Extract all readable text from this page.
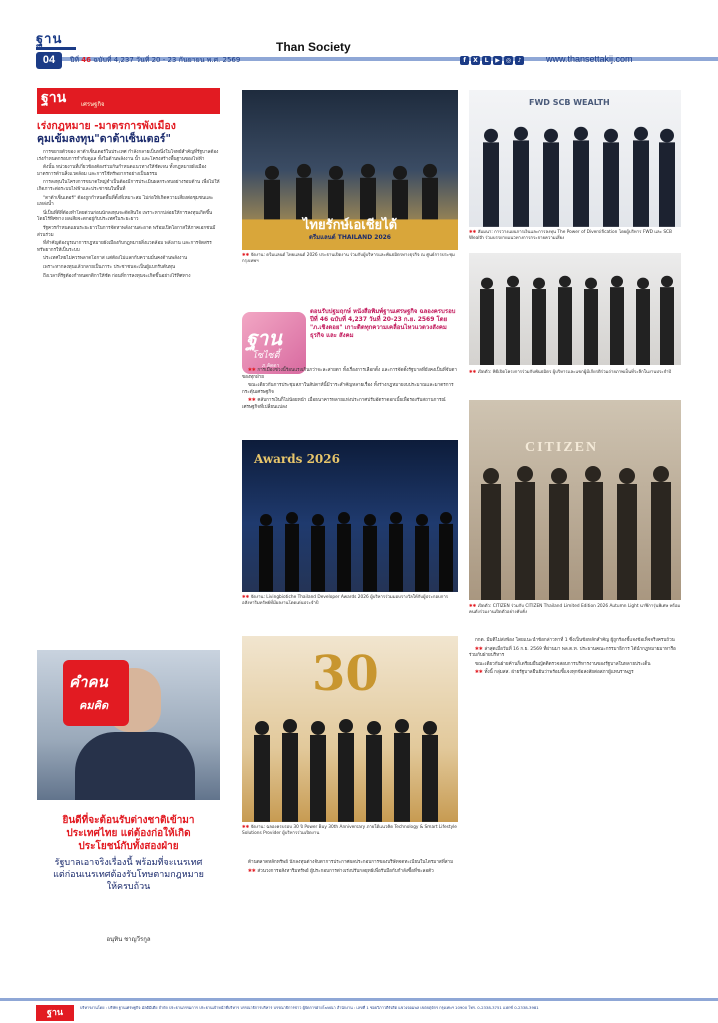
ฐาน	Than Society
04	ปีที่ 46 ฉบับที่ 4,237 วันที่ 20 - 23 กันยายน พ.ศ. 2569	f	X	L	▶	◎	♪	www.thansettakij.com
ฐาน	เศรษฐกิจ
เร่งกฎหมาย -มาตรการพังเมือง
คุมเข้มลงทุน"ดาต้าเซ็นเตอร์"

การขยายตัวของ ดาต้าเซ็นเตอร์ในประเทศ กำลังกลายเป็นหนึ่งในโจทย์สำคัญที่รัฐบาลต้องเร่งกำหนดกรอบการกำกับดูแล ทั้งในด้านพลังงาน น้ำ และโครงสร้างพื้นฐานของไฟฟ้า

ดังนั้น หน่วยงานที่เกี่ยวข้องต้องร่วมกันกำหนดแนวทางให้ชัดเจน ทั้งกฎหมายผังเมือง มาตรการด้านสิ่งแวดล้อม และการใช้ทรัพยากรอย่างเป็นธรรม

การลงทุนในโครงการขนาดใหญ่จำเป็นต้องมีการประเมินผลกระทบอย่างรอบด้าน เพื่อไม่ให้เกิดภาระต่อระบบไฟฟ้าและประชาชนในพื้นที่

"ดาต้าเซ็นเตอร์" ต้องถูกกำหนดพื้นที่ตั้งที่เหมาะสม ไม่ก่อให้เกิดความเสี่ยงต่อชุมชนและแหล่งน้ำ

นี่เป็นที่ดีที่ต้องทำโดยด่วนก่อนนักลงทุนจะตัดสินใจ เพราะหากปล่อยให้การลงทุนเกิดขึ้นโดยไร้ทิศทาง ผลเสียจะตกอยู่กับประเทศในระยะยาว

รัฐควรกำหนดแผนระยะยาวในการจัดหาพลังงานสะอาด พร้อมเปิดโอกาสให้ภาคเอกชนมีส่วนร่วม

ที่สำคัญต้องบูรณาการกฎหมายผังเมืองกับกฎหมายสิ่งแวดล้อม พลังงาน และการจัดสรรทรัพยากรให้เป็นระบบ

ประเทศไทยไม่ควรพลาดโอกาส แต่ต้องไม่แลกกับความมั่นคงด้านพลังงาน

เพราะหากลงทุนแล้วกลายเป็นภาระ ประชาชนจะเป็นผู้แบกรับต้นทุน

ถึงเวลาที่รัฐต้องกำหนดกติกาให้ชัด ก่อนที่การลงทุนจะเกิดขึ้นอย่างไร้ทิศทาง

คำคน
คมคิด
ยินดีที่จะต้อนรับต่างชาติเข้ามาประเทศไทย แต่ต้องก่อให้เกิดประโยชน์กับทั้งสองฝ่าย
รัฐบาลเอาจริงเรื่องนี้ พร้อมที่จะเนรเทศ แต่ก่อนเนรเทศต้องรับโทษตามกฎหมายให้ครบถ้วน
อนุทิน ชาญวีรกูล
ไทยรักษ์เอเชียไต้
ดรีมแลนด์ THAILAND 2026
✱✱ จัดงาน: ดรีมแลนด์ ไทยแลนด์ 2026 ประธานเปิดงาน ร่วมกับผู้บริหารและพันธมิตรทางธุรกิจ ณ ศูนย์การประชุม กรุงเทพฯ
FWD SCB WEALTH
✱✱ สัมมนา: การวางแผนการเงินและการลงทุน The Power of Diversification โดยผู้บริหาร FWD และ SCB Wealth ร่วมบรรยายแนวทางการกระจายความเสี่ยง
ฐาน
โซไซตี้
ภ.ลัดดา
ตอนรับปฐมฤกษ์ หนังสือพิมพ์ฐานเศรษฐกิจ ฉลองครบรอบปีที่ 46 ฉบับที่ 4,237 วันที่ 20-23 ก.ย. 2569 โดย "ภ.เชิงดอย" เกาะติดทุกความเคลื่อนไหวแวดวงสังคม ธุรกิจ และ สังคม

✱✱ การเมืองช่วงนี้ร้อนแรงเกินกว่าจะละสายตา ทั้งเรื่องการเลือกตั้ง และการจัดตั้งรัฐบาลที่ยังคงเป็นที่จับตาของทุกฝ่าย

ขณะเดียวกันการประชุมสภาในสัปดาห์นี้มีวาระสำคัญหลายเรื่อง ทั้งร่างกฎหมายงบประมาณและมาตรการกระตุ้นเศรษฐกิจ

✱✱ คลับการเงินก็ไม่น้อยหน้า เมื่อธนาคารหลายแห่งประกาศปรับอัตราดอกเบี้ยเพื่อรองรับสถานการณ์เศรษฐกิจที่เปลี่ยนแปลง

✱✱ เปิดตัว: พิธีเปิดโครงการร่วมกับพันธมิตร ผู้บริหารและแขกผู้มีเกียรติร่วมถ่ายภาพเป็นที่ระลึกในงานประจำปี
Awards 2026
✱✱ จัดงาน: Livingbiotiche Thailand Developer Awards 2026 ผู้บริหารร่วมมอบรางวัลให้กับผู้ประกอบการอสังหาริมทรัพย์ที่มีผลงานโดดเด่นประจำปี
CITIZEN
✱✱ เปิดตัว: CITIZEN ร่วมกับ CITIZEN Thailand Limited Edition 2026 Autumn Light นาฬิการุ่นพิเศษ พร้อมคนดังร่วมงานเปิดตัวอย่างคับคั่ง
30
✱✱ จัดงาน: ฉลองครบรอบ 30 ปี Power Buy 30th Anniversary ภายใต้แนวคิด Technology & Smart Lifestyle Solutions Provider ผู้บริหารร่วมเปิดงาน

ด้านตลาดหลักทรัพย์ นักลงทุนต่างจับตาการประกาศผลประกอบการของบริษัทจดทะเบียนในไตรมาสที่สาม

✱✱ ส่วนวงการอสังหาริมทรัพย์ ผู้ประกอบการต่างเร่งปรับกลยุทธ์เพื่อรับมือกับกำลังซื้อที่ชะลอตัว

กกต. มีมติไม่ส่งฟ้อง โดยแนะนำข้อกล่าวหาที่ 1 ซึ่งเป็นข้อหลักสำคัญ ผู้ถูกร้องชี้แจงข้อเท็จจริงครบถ้วน

✱✱ ล่าสุดเมื่อวันที่ 16 ก.ย. 2569 ที่ผ่านมา พล.ต.ท. ประธานคณะกรรมาธิการ ได้นำกฎหมายมาหารือร่วมกับฝ่ายบริหาร

ขณะเดียวกันฝ่ายค้านก็เตรียมยื่นญัตติตรวจสอบการบริหารงานของรัฐบาลในหลายประเด็น

✱✱ ทั้งนี้ กลุ่มสส. ฝ่ายรัฐบาลยืนยันว่าพร้อมชี้แจงทุกข้อสงสัยต่อสภาผู้แทนราษฎร

ฐาน
บริหารงานโดย : บริษัท ฐานเศรษฐกิจ มัลติมีเดีย จำกัด ประธานกรรมการ ประธานเจ้าหน้าที่บริหาร บรรณาธิการบริหาร บรรณาธิการข่าว ผู้จัดการฝ่ายโฆษณา สำนักงาน : เลขที่ 1 ซอยวิภาวดีรังสิต แขวงจอมพล เขตจตุจักร กรุงเทพฯ 10900 โทร. 0-2338-3751 แฟกซ์ 0-2338-3981
